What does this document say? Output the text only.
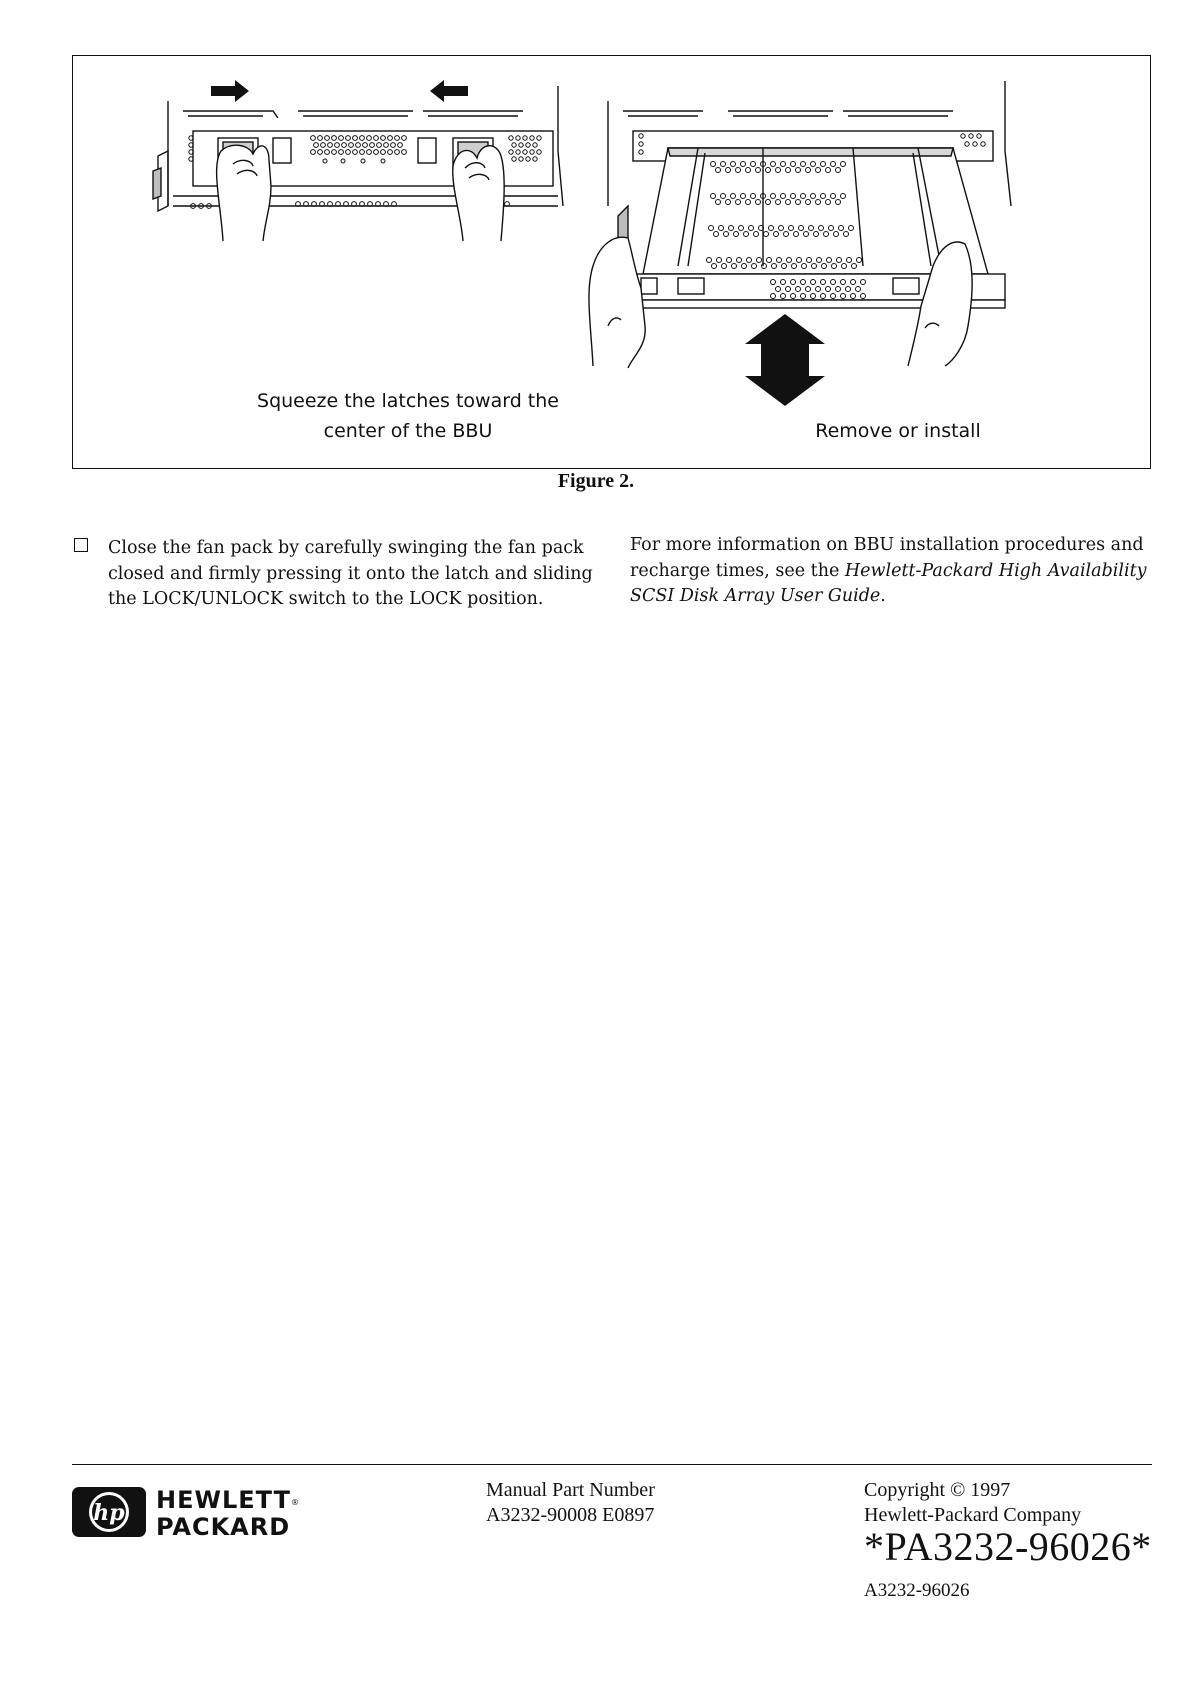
Squeeze the latches toward the
center of the BBU	Remove or install
Figure 2.
Close the fan pack by carefully swinging the fan pack closed and firmly pressing it onto the latch and sliding the LOCK/UNLOCK switch to the LOCK position.
For more information on BBU installation procedures and recharge times, see the Hewlett-Packard High Availability SCSI Disk Array User Guide.
hp HEWLETT®
PACKARD
Manual Part Number
A3232-90008 E0897
Copyright © 1997
Hewlett-Packard Company
*PA3232-96026*
A3232-96026
